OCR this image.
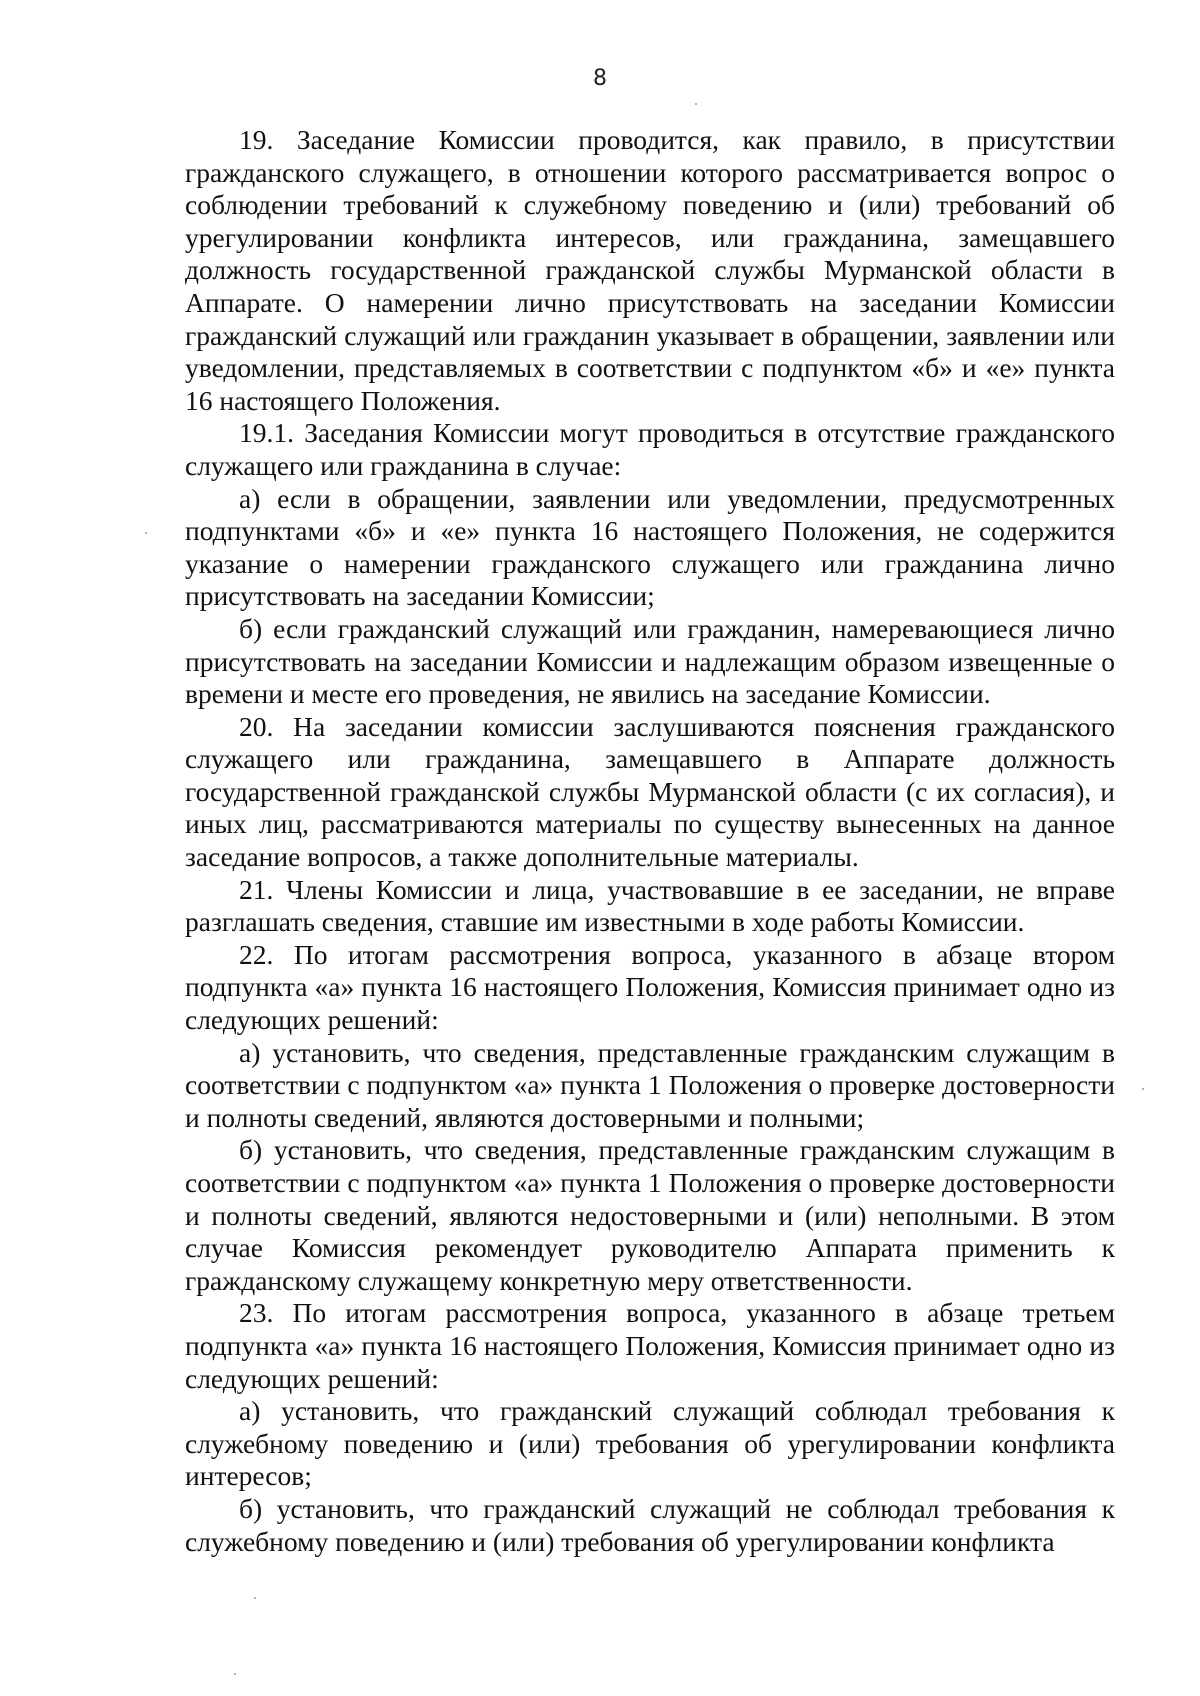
8

19. Заседание Комиссии проводится, как правило, в присутствии гражданского служащего, в отношении которого рассматривается вопрос о соблюдении требований к служебному поведению и (или) требований об урегулировании конфликта интересов, или гражданина, замещавшего должность государственной гражданской службы Мурманской области в Аппарате. О намерении лично присутствовать на заседании Комиссии гражданский служащий или гражданин указывает в обращении, заявлении или уведомлении, представляемых в соответствии с подпунктом «б» и «е» пункта 16 настоящего Положения.

19.1. Заседания Комиссии могут проводиться в отсутствие гражданского служащего или гражданина в случае:

а) если в обращении, заявлении или уведомлении, предусмотренных подпунктами «б» и «е» пункта 16 настоящего Положения, не содержится указание о намерении гражданского служащего или гражданина лично присутствовать на заседании Комиссии;

б) если гражданский служащий или гражданин, намеревающиеся лично присутствовать на заседании Комиссии и надлежащим образом извещенные о времени и месте его проведения, не явились на заседание Комиссии.

20. На заседании комиссии заслушиваются пояснения гражданского служащего или гражданина, замещавшего в Аппарате должность государственной гражданской службы Мурманской области (с их согласия), и иных лиц, рассматриваются материалы по существу вынесенных на данное заседание вопросов, а также дополнительные материалы.

21. Члены Комиссии и лица, участвовавшие в ее заседании, не вправе разглашать сведения, ставшие им известными в ходе работы Комиссии.

22. По итогам рассмотрения вопроса, указанного в абзаце втором подпункта «а» пункта 16 настоящего Положения, Комиссия принимает одно из следующих решений:

а) установить, что сведения, представленные гражданским служащим в соответствии с подпунктом «а» пункта 1 Положения о проверке достоверности и полноты сведений, являются достоверными и полными;

б) установить, что сведения, представленные гражданским служащим в соответствии с подпунктом «а» пункта 1 Положения о проверке достоверности и полноты сведений, являются недостоверными и (или) неполными. В этом случае Комиссия рекомендует руководителю Аппарата применить к гражданскому служащему конкретную меру ответственности.

23. По итогам рассмотрения вопроса, указанного в абзаце третьем подпункта «а» пункта 16 настоящего Положения, Комиссия принимает одно из следующих решений:

а) установить, что гражданский служащий соблюдал требования к служебному поведению и (или) требования об урегулировании конфликта интересов;

б) установить, что гражданский служащий не соблюдал требования к служебному поведению и (или) требования об урегулировании конфликта
